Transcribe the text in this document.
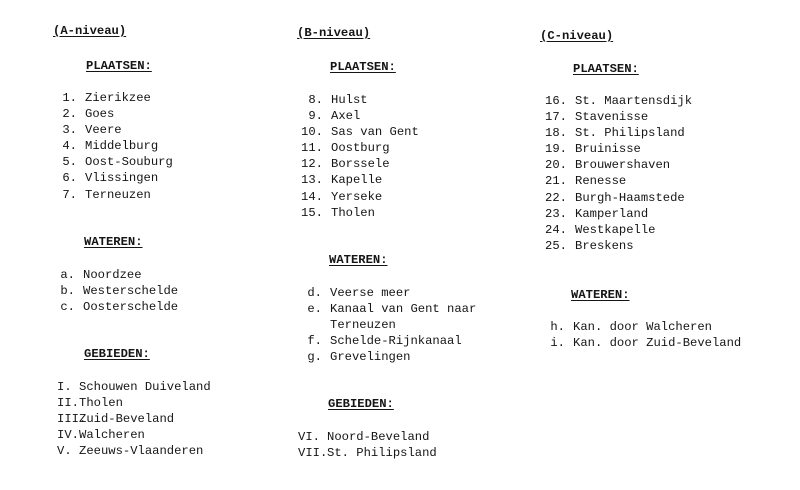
(A-niveau)
PLAATSEN:
1. Zierikzee
2. Goes
3. Veere
4. Middelburg
5. Oost-Souburg
6. Vlissingen
7. Terneuzen
WATEREN:
a. Noordzee
b. Westerschelde
c. Oosterschelde
GEBIEDEN:
I. Schouwen Duiveland
II.Tholen
III.Zuid-Beveland
IV.Walcheren
V. Zeeuws-Vlaanderen
(B-niveau)
PLAATSEN:
8. Hulst
9. Axel
10. Sas van Gent
11. Oostburg
12. Borssele
13. Kapelle
14. Yerseke
15. Tholen
WATEREN:
d. Veerse meer
e. Kanaal van Gent naar
Terneuzen
f. Schelde-Rijnkanaal
g. Grevelingen
GEBIEDEN:
VI. Noord-Beveland
VII.St. Philipsland
(C-niveau)
PLAATSEN:
16. St. Maartensdijk
17. Stavenisse
18. St. Philipsland
19. Bruinisse
20. Brouwershaven
21. Renesse
22. Burgh-Haamstede
23. Kamperland
24. Westkapelle
25. Breskens
WATEREN:
h. Kan. door Walcheren
i. Kan. door Zuid-Beveland
